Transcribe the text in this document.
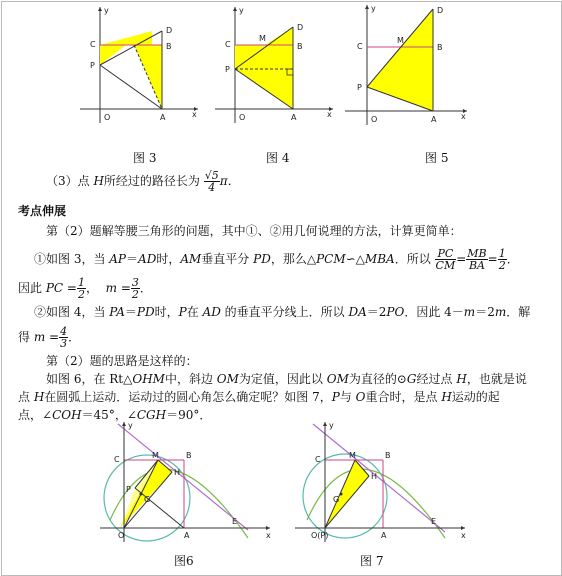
y
x
C
D
B
P
O	A
图 3
y
x
C
D
B
M
P
O	A
图 4
y
x
C
D
B
M
P
O	A
图 5
（3）点 H所经过的路径长为 $\frac{√5}{4}$ π．
考点伸展
第（2）题解等腰三角形的问题，其中①、②用几何说理的方法，计算更简单：
①如图 3，当 AP＝AD时，AM垂直平分 PD，那么△PCM∽△MBA．所以 $\frac{PC}{CM} = \frac{MB}{BA} = \frac{1}{2}$ ．
因此 PC = $\frac{1}{2}$ ， $m = \frac{3}{2}$ ．
②如图 4，当 PA＝PD时，P在 AD 的垂直平分线上．所以 DA＝2PO．因此 4－m＝2m．解
得 $m = \frac{4}{3}$ ．
第（2）题的思路是这样的：
如图 6，在 Rt△OHM中，斜边 OM为定值，因此以 OM为直径的⊙G经过点 H，也就是说
点 H在圆弧上运动．运动过的圆心角怎么确定呢？如图 7，P与 O重合时，是点 H运动的起
点，∠COH＝45°，∠CGH＝90°．
y
x
C	M	B
H
P
G
O	A
E
图6
y
x
C	M	B
H
G
O(P)	A
E
图 7
